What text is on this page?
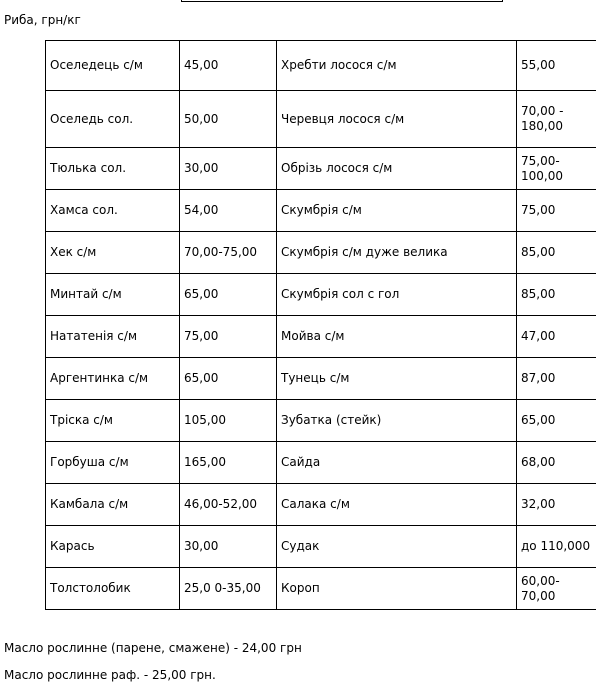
Риба, грн/кг
Оселедець с/м	45,00	Хребти лосося с/м	55,00
Оселедь сол.	50,00	Черевця лосося с/м	70,00 - 180,00
Тюлька сол.	30,00	Обрізь лосося с/м	75,00-100,00
Хамса сол.	54,00	Скумбрія с/м	75,00
Хек с/м	70,00-75,00	Скумбрія с/м дуже велика	85,00
Минтай с/м	65,00	Скумбрія сол с гол	85,00
Нататенія с/м	75,00	Мойва с/м	47,00
Аргентинка с/м	65,00	Тунець с/м	87,00
Тріска с/м	105,00	Зубатка (стейк)	65,00
Горбуша с/м	165,00	Сайда	68,00
Камбала с/м	46,00-52,00	Салака с/м	32,00
Карась	30,00	Судак	до 110,000
Толстолобик	25,0 0-35,00	Короп	60,00-70,00
Масло рослинне (парене, смажене) - 24,00 грн
Масло рослинне раф. - 25,00 грн.
